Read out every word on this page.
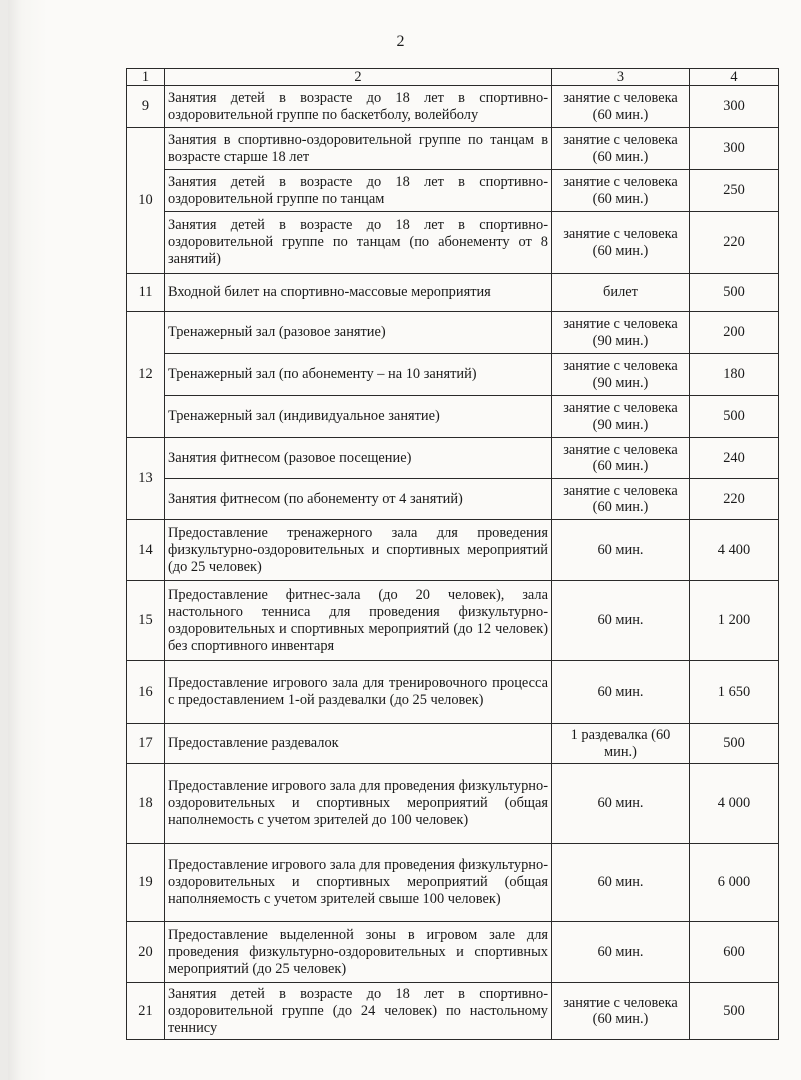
2
1	2	3	4
9	Занятия детей в возрасте до 18 лет в спортивно-оздоровительной группе по баскетболу, волейболу	занятие с человека (60 мин.)	300
10	Занятия в спортивно-оздоровительной группе по танцам в возрасте старше 18 лет	занятие с человека (60 мин.)	300
	Занятия детей в возрасте до 18 лет в спортивно-оздоровительной группе по танцам	занятие с человека (60 мин.)	250
	Занятия детей в возрасте до 18 лет в спортивно-оздоровительной группе по танцам (по абонементу от 8 занятий)	занятие с человека (60 мин.)	220
11	Входной билет на спортивно-массовые мероприятия	билет	500
12	Тренажерный зал (разовое занятие)	занятие с человека (90 мин.)	200
	Тренажерный зал (по абонементу – на 10 занятий)	занятие с человека (90 мин.)	180
	Тренажерный зал (индивидуальное занятие)	занятие с человека (90 мин.)	500
13	Занятия фитнесом (разовое посещение)	занятие с человека (60 мин.)	240
	Занятия фитнесом (по абонементу от 4 занятий)	занятие с человека (60 мин.)	220
14	Предоставление тренажерного зала для проведения физкультурно-оздоровительных и спортивных мероприятий (до 25 человек)	60 мин.	4 400
15	Предоставление фитнес-зала (до 20 человек), зала настольного тенниса для проведения физкультурно-оздоровительных и спортивных мероприятий (до 12 человек) без спортивного инвентаря	60 мин.	1 200
16	Предоставление игрового зала для тренировочного процесса с предоставлением 1-ой раздевалки (до 25 человек)	60 мин.	1 650
17	Предоставление раздевалок	1 раздевалка (60 мин.)	500
18	Предоставление игрового зала для проведения физкультурно-оздоровительных и спортивных мероприятий (общая наполнемость с учетом зрителей до 100 человек)	60 мин.	4 000
19	Предоставление игрового зала для проведения физкультурно-оздоровительных и спортивных мероприятий (общая наполняемость с учетом зрителей свыше 100 человек)	60 мин.	6 000
20	Предоставление выделенной зоны в игровом зале для проведения физкультурно-оздоровительных и спортивных мероприятий (до 25 человек)	60 мин.	600
21	Занятия детей в возрасте до 18 лет в спортивно-оздоровительной группе (до 24 человек) по настольному теннису	занятие с человека (60 мин.)	500
